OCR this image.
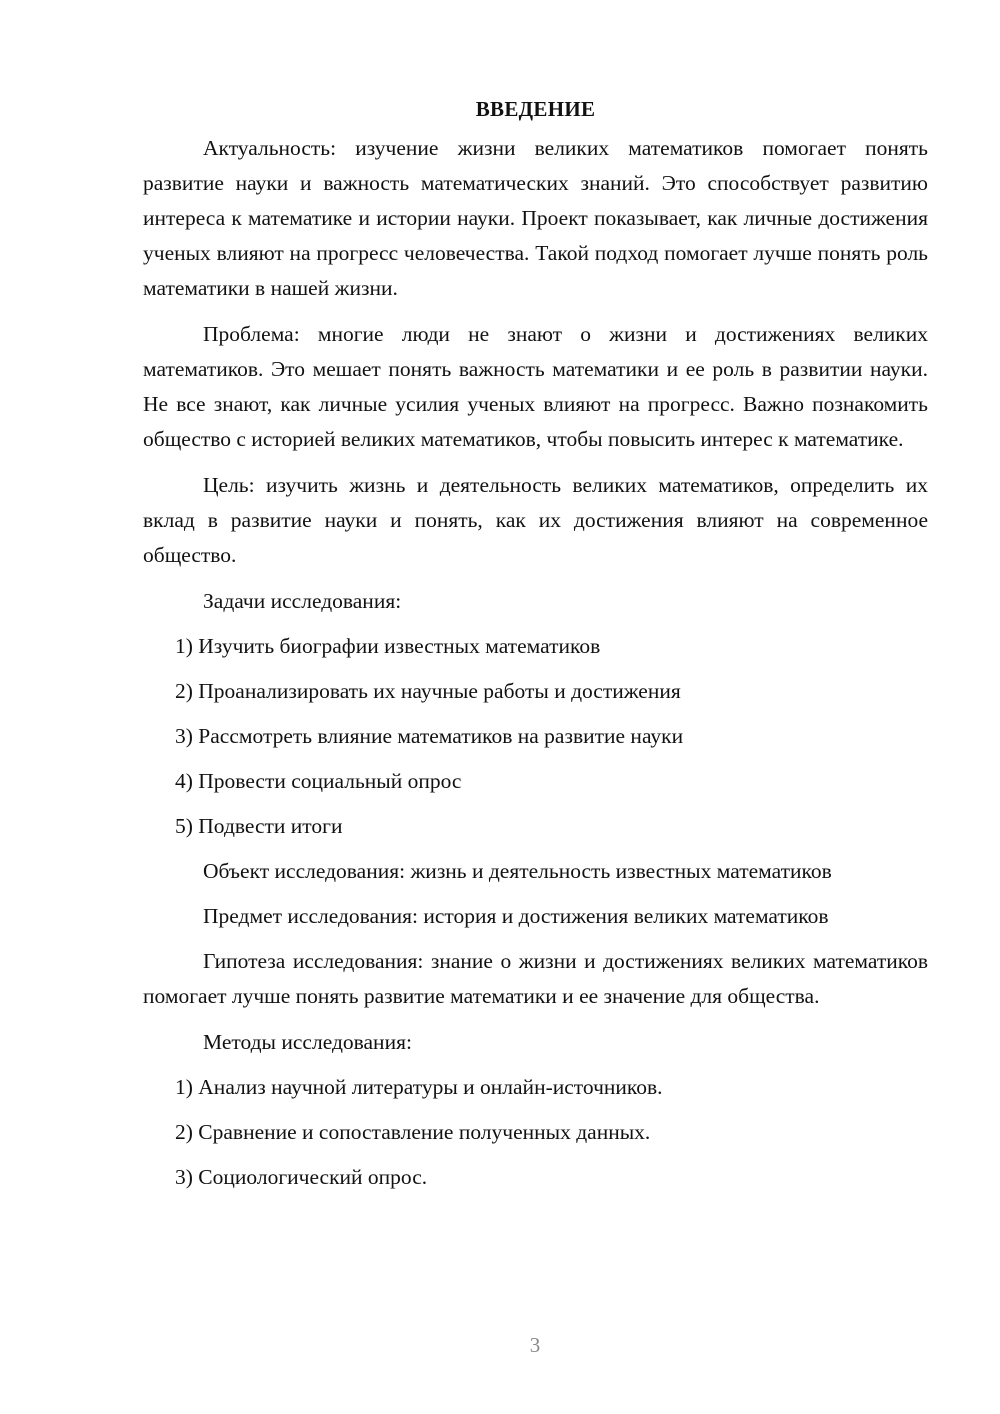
ВВЕДЕНИЕ

Актуальность: изучение жизни великих математиков помогает понять развитие науки и важность математических знаний. Это способствует развитию интереса к математике и истории науки. Проект показывает, как личные достижения ученых влияют на прогресс человечества. Такой подход помогает лучше понять роль математики в нашей жизни.

Проблема: многие люди не знают о жизни и достижениях великих математиков. Это мешает понять важность математики и ее роль в развитии науки. Не все знают, как личные усилия ученых влияют на прогресс. Важно познакомить общество с историей великих математиков, чтобы повысить интерес к математике.

Цель: изучить жизнь и деятельность великих математиков, определить их вклад в развитие науки и понять, как их достижения влияют на современное общество.

Задачи исследования:
1) Изучить биографии известных математиков
2) Проанализировать их научные работы и достижения
3) Рассмотреть влияние математиков на развитие науки
4) Провести социальный опрос
5) Подвести итоги
Объект исследования: жизнь и деятельность известных математиков
Предмет исследования: история и достижения великих математиков

Гипотеза исследования: знание о жизни и достижениях великих математиков помогает лучше понять развитие математики и ее значение для общества.

Методы исследования:
1) Анализ научной литературы и онлайн-источников.
2) Сравнение и сопоставление полученных данных.
3) Социологический опрос.
3
